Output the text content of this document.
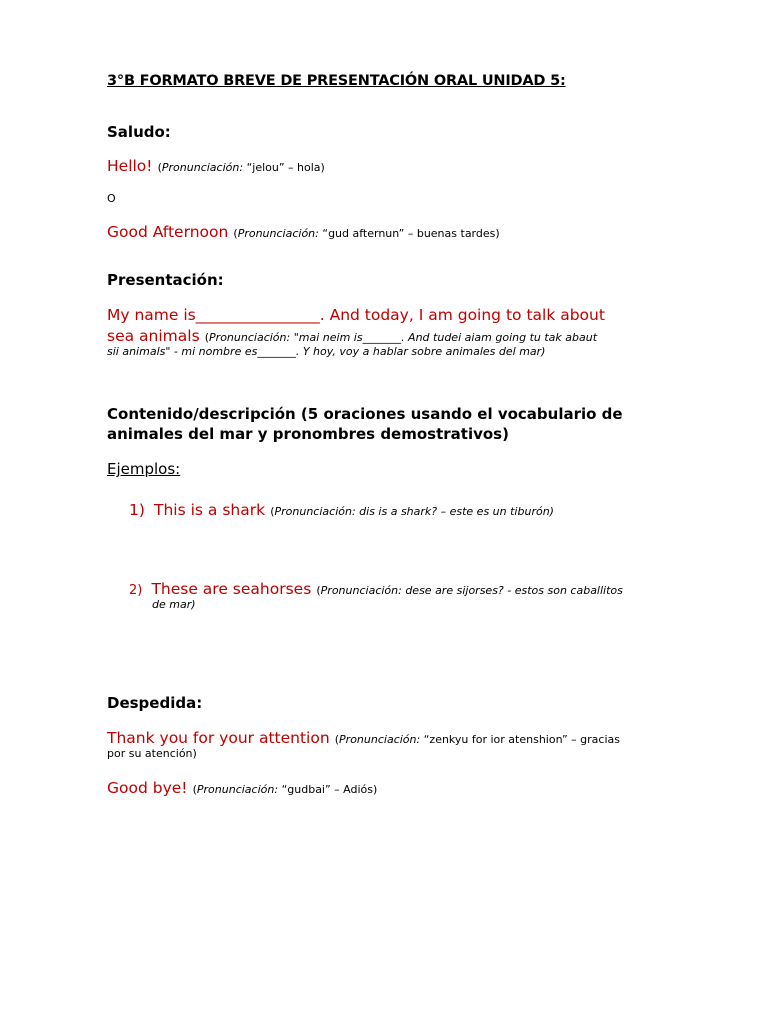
3°B FORMATO BREVE DE PRESENTACIÓN ORAL UNIDAD 5:
Saludo:
Hello! (Pronunciación: “jelou” – hola)
O
Good Afternoon (Pronunciación: “gud afternun” – buenas tardes)
Presentación:
My name is________________. And today, I am going to talk about
sea animals (Pronunciación: "mai neim is_______. And tudei aiam going tu tak abaut
sii animals" - mi nombre es_______. Y hoy, voy a hablar sobre animales del mar)
Contenido/descripción (5 oraciones usando el vocabulario de
animales del mar y pronombres demostrativos)
Ejemplos:
1) This is a shark (Pronunciación: dis is a shark? – este es un tiburón)
2) These are seahorses (Pronunciación: dese are sijorses? - estos son caballitos
de mar)
Despedida:
Thank you for your attention (Pronunciación: “zenkyu for ior atenshion” – gracias
por su atención)
Good bye! (Pronunciación: “gudbai” – Adiós)
